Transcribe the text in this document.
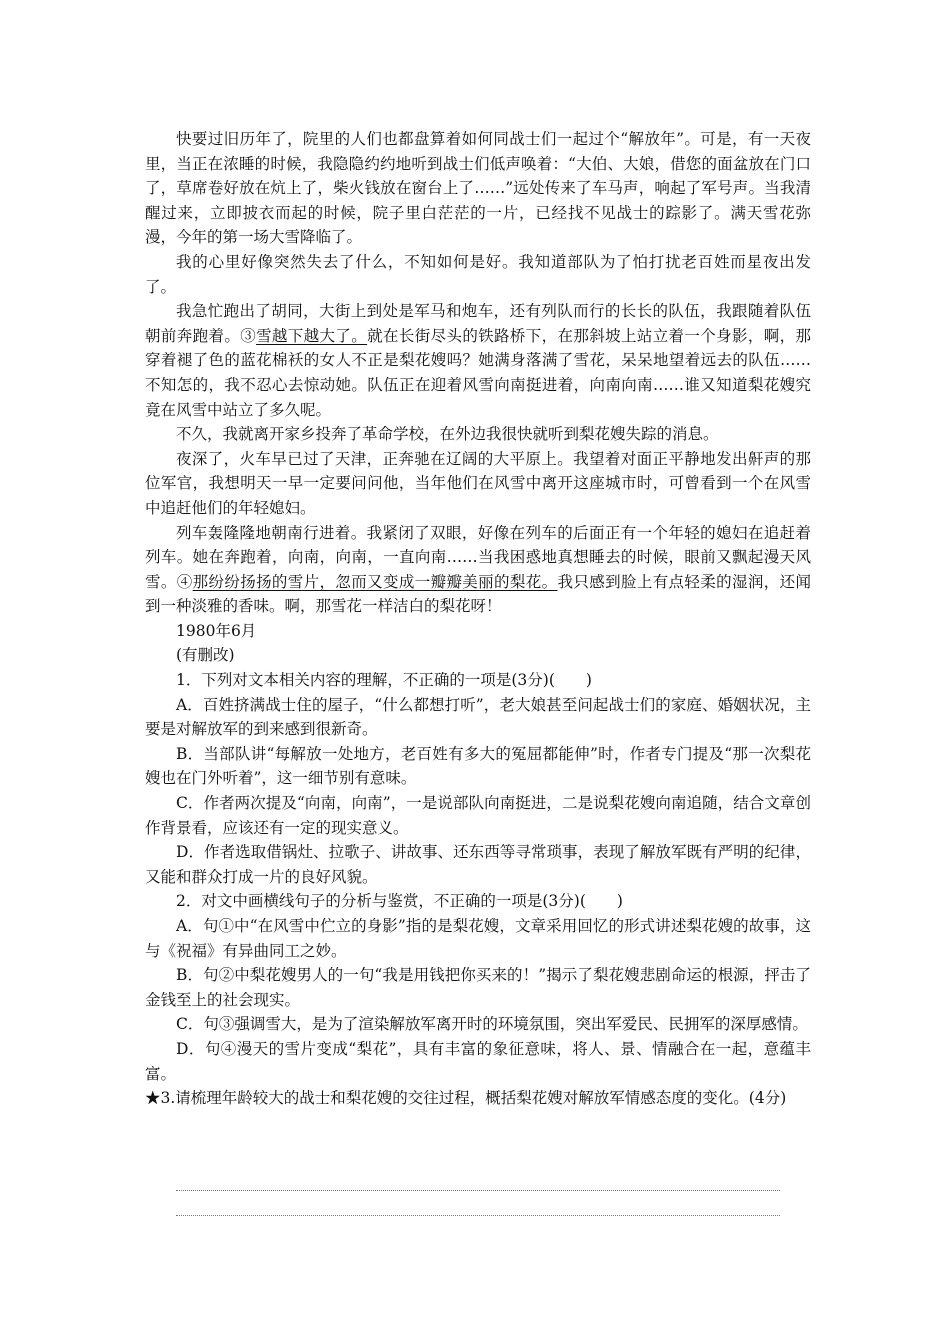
快要过旧历年了，院里的人们也都盘算着如何同战士们一起过个“解放年”。可是，有一天夜里，当正在浓睡的时候，我隐隐约约地听到战士们低声唤着：“大伯、大娘，借您的面盆放在门口了，草席卷好放在炕上了，柴火钱放在窗台上了……”远处传来了车马声，响起了军号声。当我清醒过来，立即披衣而起的时候，院子里白茫茫的一片，已经找不见战士的踪影了。满天雪花弥漫，今年的第一场大雪降临了。

我的心里好像突然失去了什么，不知如何是好。我知道部队为了怕打扰老百姓而星夜出发了。

我急忙跑出了胡同，大街上到处是军马和炮车，还有列队而行的长长的队伍，我跟随着队伍朝前奔跑着。③雪越下越大了。就在长街尽头的铁路桥下，在那斜坡上站立着一个身影，啊，那穿着褪了色的蓝花棉袄的女人不正是梨花嫂吗？她满身落满了雪花，呆呆地望着远去的队伍……不知怎的，我不忍心去惊动她。队伍正在迎着风雪向南挺进着，向南向南……谁又知道梨花嫂究竟在风雪中站立了多久呢。

不久，我就离开家乡投奔了革命学校，在外边我很快就听到梨花嫂失踪的消息。

夜深了，火车早已过了天津，正奔驰在辽阔的大平原上。我望着对面正平静地发出鼾声的那位军官，我想明天一早一定要问问他，当年他们在风雪中离开这座城市时，可曾看到一个在风雪中追赶他们的年轻媳妇。

列车轰隆隆地朝南行进着。我紧闭了双眼，好像在列车的后面正有一个年轻的媳妇在追赶着列车。她在奔跑着，向南，向南，一直向南……当我困惑地真想睡去的时候，眼前又飘起漫天风雪。④那纷纷扬扬的雪片，忽而又变成一瓣瓣美丽的梨花。我只感到脸上有点轻柔的湿润，还闻到一种淡雅的香味。啊，那雪花一样洁白的梨花呀！

1980年6月

(有删改)

1．下列对文本相关内容的理解，不正确的一项是(3分)(　　)

A．百姓挤满战士住的屋子，“什么都想打听”，老大娘甚至问起战士们的家庭、婚姻状况，主要是对解放军的到来感到很新奇。

B．当部队讲“每解放一处地方，老百姓有多大的冤屈都能伸”时，作者专门提及“那一次梨花嫂也在门外听着”，这一细节别有意味。

C．作者两次提及“向南，向南”，一是说部队向南挺进，二是说梨花嫂向南追随，结合文章创作背景看，应该还有一定的现实意义。

D．作者选取借锅灶、拉歌子、讲故事、还东西等寻常琐事，表现了解放军既有严明的纪律，又能和群众打成一片的良好风貌。

2．对文中画横线句子的分析与鉴赏，不正确的一项是(3分)(　　)

A．句①中“在风雪中伫立的身影”指的是梨花嫂，文章采用回忆的形式讲述梨花嫂的故事，这与《祝福》有异曲同工之妙。

B．句②中梨花嫂男人的一句“我是用钱把你买来的！”揭示了梨花嫂悲剧命运的根源，抨击了金钱至上的社会现实。

C．句③强调雪大，是为了渲染解放军离开时的环境氛围，突出军爱民、民拥军的深厚感情。

D．句④漫天的雪片变成“梨花”，具有丰富的象征意味，将人、景、情融合在一起，意蕴丰富。

★3.请梳理年龄较大的战士和梨花嫂的交往过程，概括梨花嫂对解放军情感态度的变化。(4分)
